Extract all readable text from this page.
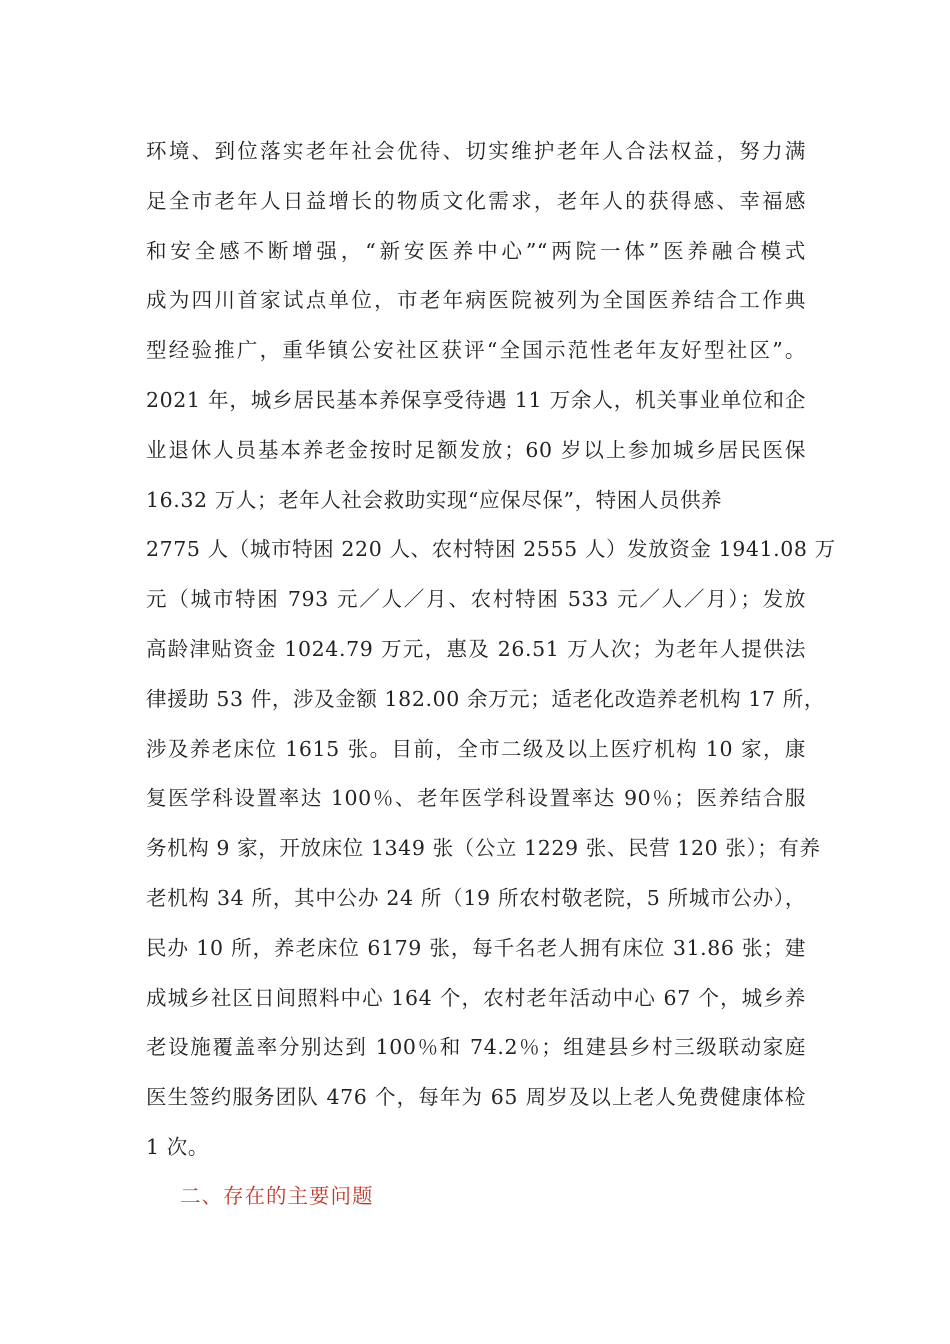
环境、到位落实老年社会优待、切实维护老年人合法权益，努力满
足全市老年人日益增长的物质文化需求，老年人的获得感、幸福感
和安全感不断增强，“新安医养中心”“两院一体”医养融合模式
成为四川首家试点单位，市老年病医院被列为全国医养结合工作典
型经验推广，重华镇公安社区获评“全国示范性老年友好型社区”。
2021 年，城乡居民基本养保享受待遇 11 万余人，机关事业单位和企
业退休人员基本养老金按时足额发放；60 岁以上参加城乡居民医保
16.32 万人；老年人社会救助实现“应保尽保”，特困人员供养
2775 人（城市特困 220 人、农村特困 2555 人）发放资金 1941.08 万
元（城市特困 793 元／人／月、农村特困 533 元／人／月）；发放
高龄津贴资金 1024.79 万元，惠及 26.51 万人次；为老年人提供法
律援助 53 件，涉及金额 182.00 余万元；适老化改造养老机构 17 所，
涉及养老床位 1615 张。目前，全市二级及以上医疗机构 10 家，康
复医学科设置率达 100％、老年医学科设置率达 90％；医养结合服
务机构 9 家，开放床位 1349 张（公立 1229 张、民营 120 张）；有养
老机构 34 所，其中公办 24 所（19 所农村敬老院，5 所城市公办），
民办 10 所，养老床位 6179 张，每千名老人拥有床位 31.86 张；建
成城乡社区日间照料中心 164 个，农村老年活动中心 67 个，城乡养
老设施覆盖率分别达到 100％和 74.2％；组建县乡村三级联动家庭
医生签约服务团队 476 个，每年为 65 周岁及以上老人免费健康体检
1 次。
二、存在的主要问题
